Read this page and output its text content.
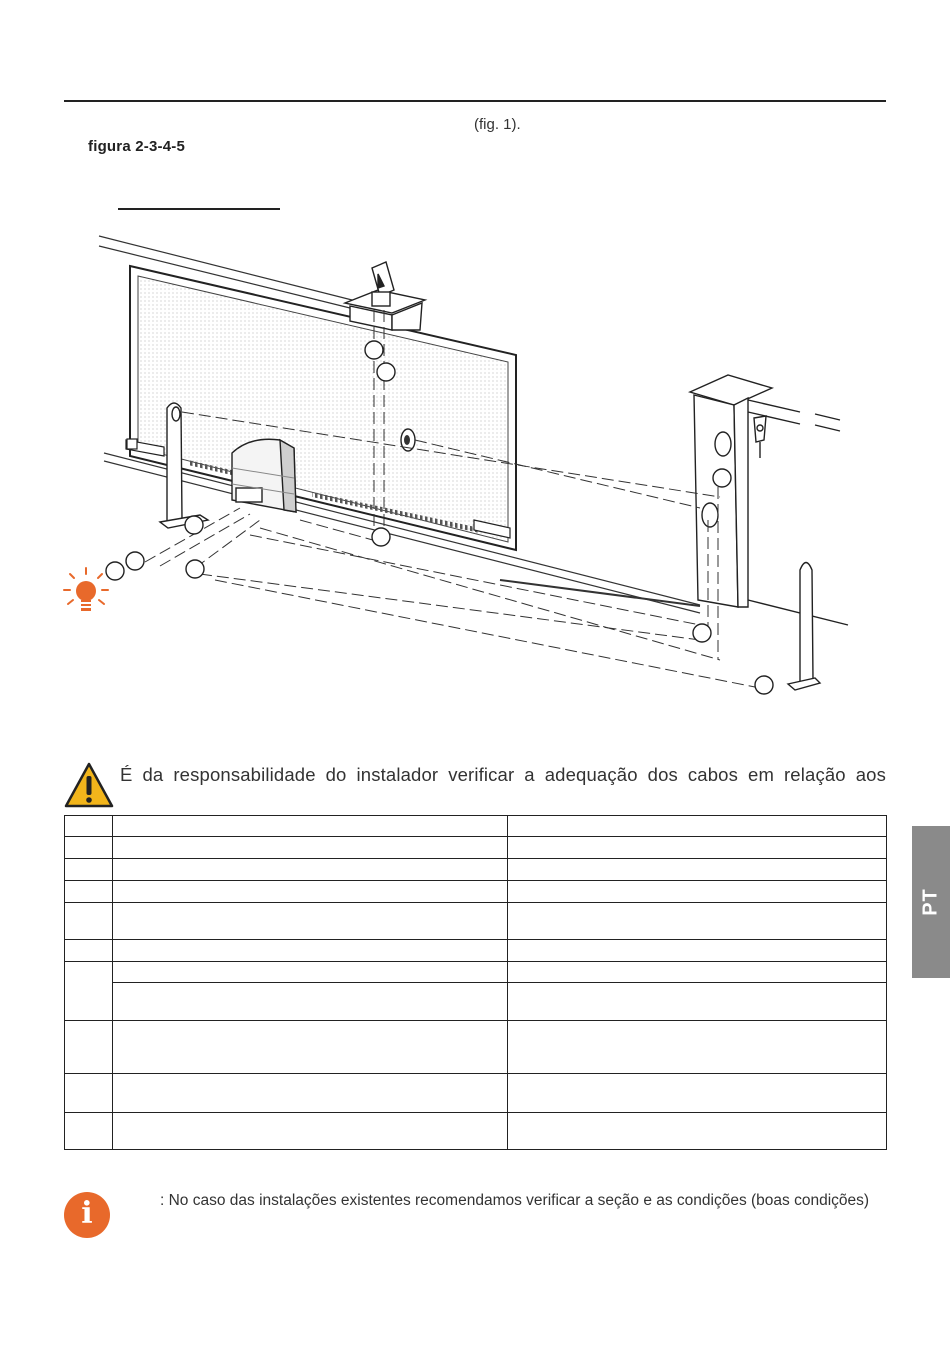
(fig. 1).
figura 2-3-4-5
É da responsabilidade do instalador verificar a adequação dos cabos em relação aos

PT
i	: No caso das instalações existentes recomendamos verificar a seção e as condições (boas condições)
